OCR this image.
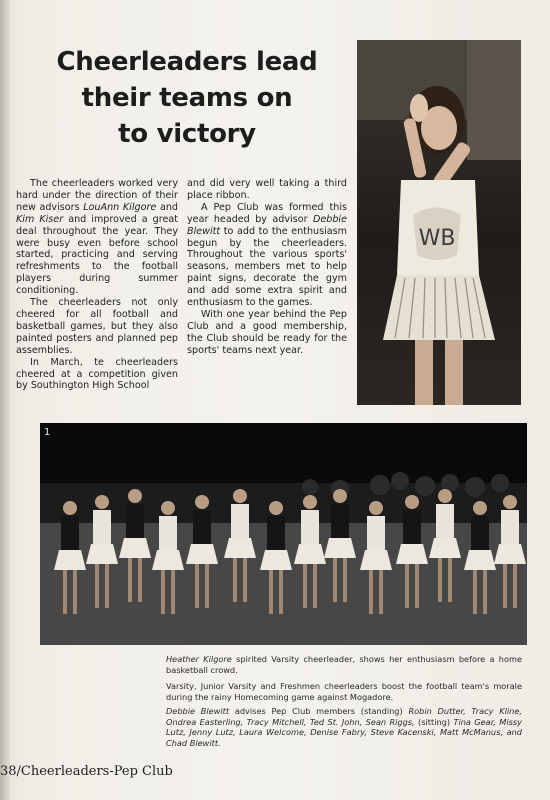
Cheerleaders lead
their teams on
to victory

The cheerleaders worked very hard under the direction of their new advisors LouAnn Kilgore and Kim Kiser and improved a great deal throughout the year. They were busy even before school started, practicing and serving refreshments to the football players during summer conditioning.

The cheerleaders not only cheered for all football and basketball games, but they also painted posters and planned pep assemblies.

In March, te cheerleaders cheered at a competition given by Southington High School

and did very well taking a third place ribbon.

A Pep Club was formed this year headed by advisor Debbie Blewitt to add to the enthusiasm begun by the cheerleaders. Throughout the various sports' seasons, members met to help paint signs, decorate the gym and add some extra spirit and enthusiasm to the games.

With one year behind the Pep Club and a good membership, the Club should be ready for the sports' teams next year.

WB
1

Heather Kilgore spirited Varsity cheerleader, shows her enthusiasm before a home basketball crowd.

Varsity, Junior Varsity and Freshmen cheerleaders boost the football team's morale during the rainy Homecoming game against Mogadore.

Debbie Blewitt advises Pep Club members (standing) Robin Dutter, Tracy Kline, Ondrea Easterling, Tracy Mitchell, Ted St. John, Sean Riggs, (sitting) Tina Gear, Missy Lutz, Jenny Lutz, Laura Welcome, Denise Fabry, Steve Kacenski, Matt McManus, and Chad Blewitt.

38/Cheerleaders-Pep Club
